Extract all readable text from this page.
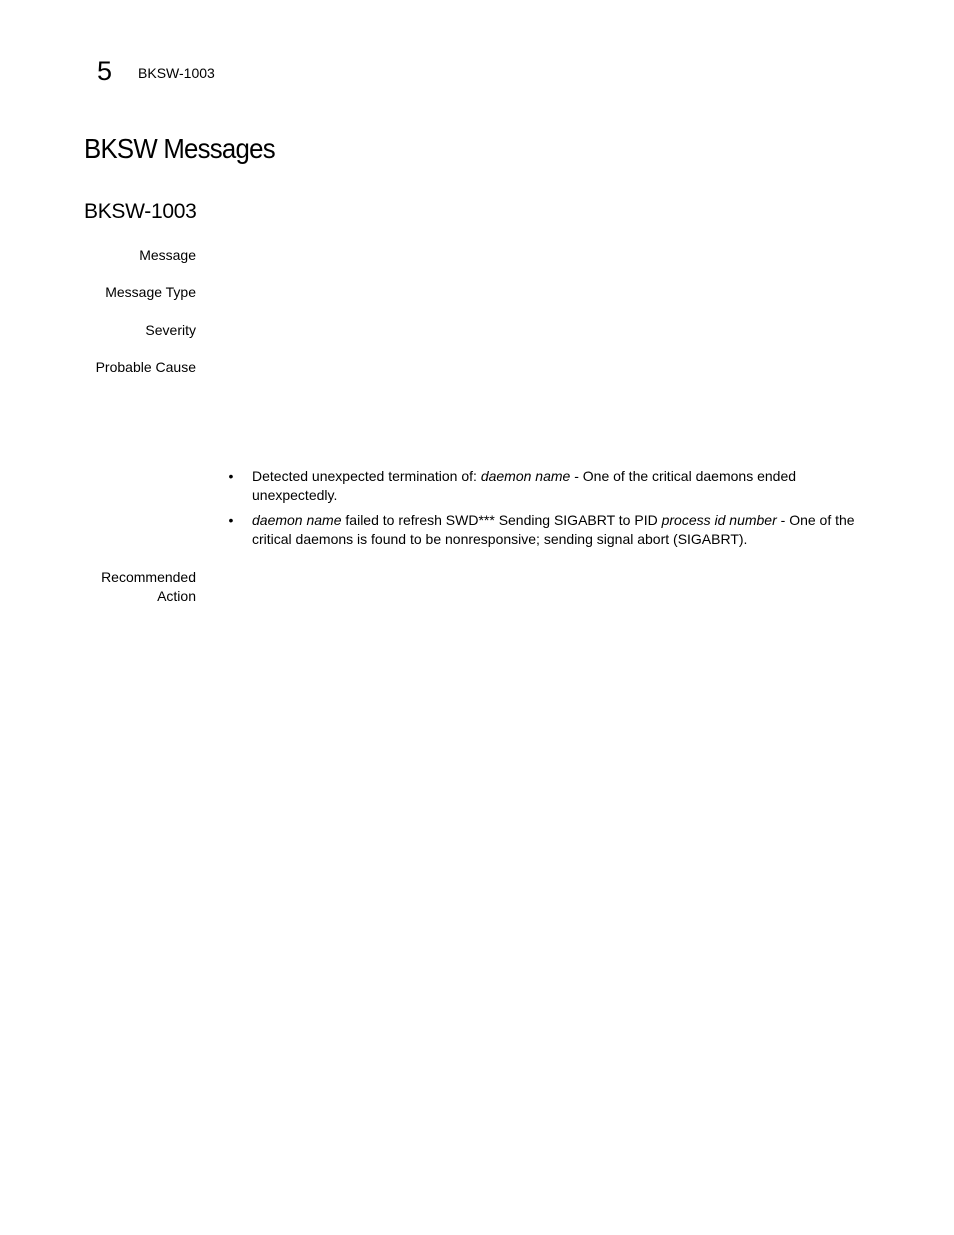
5 BKSW-1003
BKSW Messages
BKSW-1003
Message
Message Type
Severity
Probable Cause
• Detected unexpected termination of: daemon name - One of the critical daemons ended unexpectedly.
• daemon name failed to refresh SWD*** Sending SIGABRT to PID process id number - One of the critical daemons is found to be nonresponsive; sending signal abort (SIGABRT).
Recommended
Action
